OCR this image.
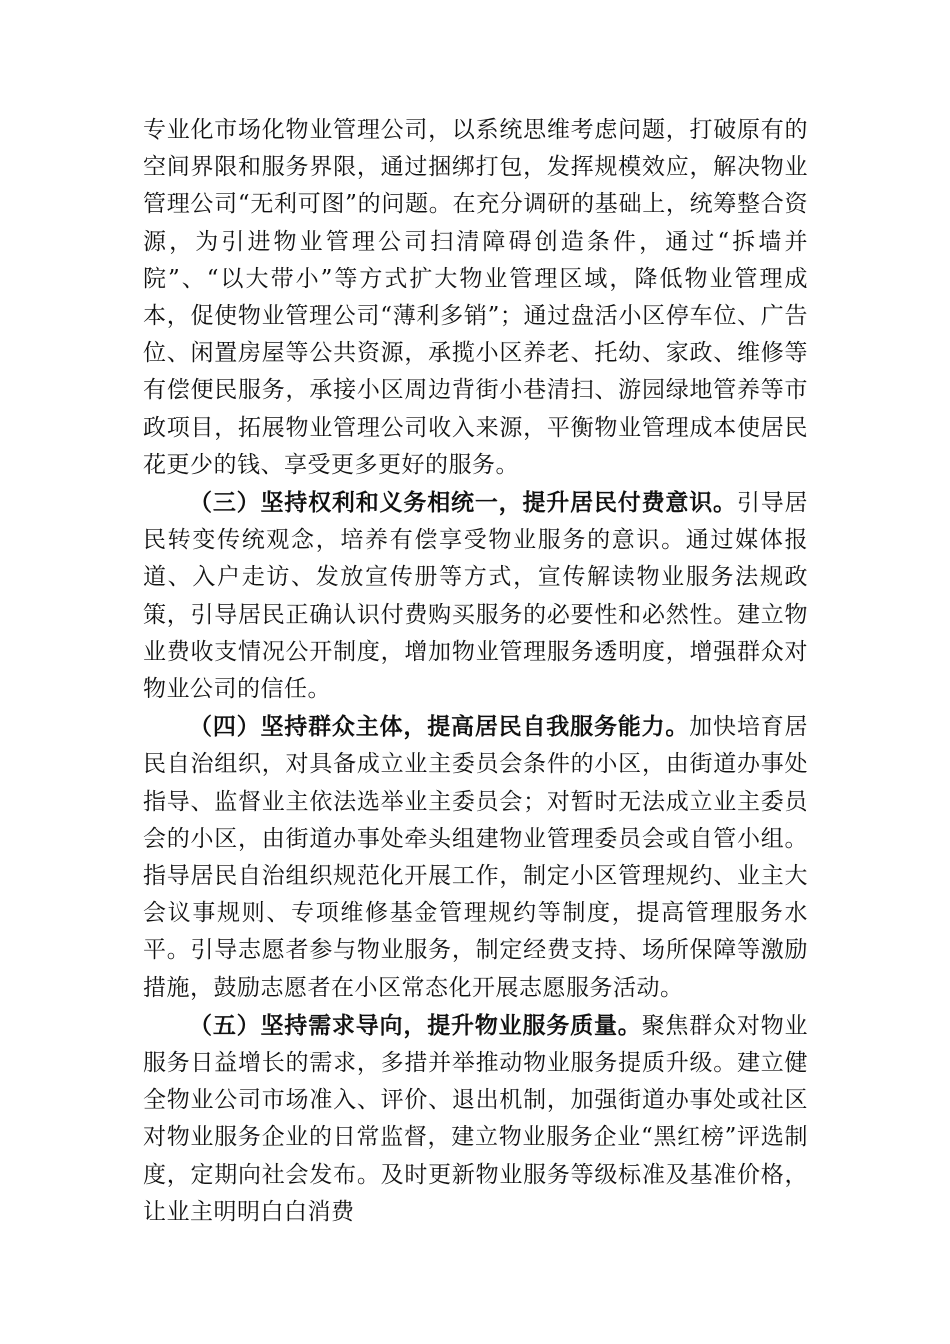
专业化市场化物业管理公司，以系统思维考虑问题，打破原有的空间界限和服务界限，通过捆绑打包，发挥规模效应，解决物业管理公司“无利可图”的问题。在充分调研的基础上，统筹整合资源，为引进物业管理公司扫清障碍创造条件，通过“拆墙并院”、“以大带小”等方式扩大物业管理区域，降低物业管理成本，促使物业管理公司“薄利多销”；通过盘活小区停车位、广告位、闲置房屋等公共资源，承揽小区养老、托幼、家政、维修等有偿便民服务，承接小区周边背街小巷清扫、游园绿地管养等市政项目，拓展物业管理公司收入来源，平衡物业管理成本使居民花更少的钱、享受更多更好的服务。

（三）坚持权利和义务相统一，提升居民付费意识。引导居民转变传统观念，培养有偿享受物业服务的意识。通过媒体报道、入户走访、发放宣传册等方式，宣传解读物业服务法规政策，引导居民正确认识付费购买服务的必要性和必然性。建立物业费收支情况公开制度，增加物业管理服务透明度，增强群众对物业公司的信任。

（四）坚持群众主体，提高居民自我服务能力。加快培育居民自治组织，对具备成立业主委员会条件的小区，由街道办事处指导、监督业主依法选举业主委员会；对暂时无法成立业主委员会的小区，由街道办事处牵头组建物业管理委员会或自管小组。指导居民自治组织规范化开展工作，制定小区管理规约、业主大会议事规则、专项维修基金管理规约等制度，提高管理服务水平。引导志愿者参与物业服务，制定经费支持、场所保障等激励措施，鼓励志愿者在小区常态化开展志愿服务活动。

（五）坚持需求导向，提升物业服务质量。聚焦群众对物业服务日益增长的需求，多措并举推动物业服务提质升级。建立健全物业公司市场准入、评价、退出机制，加强街道办事处或社区对物业服务企业的日常监督，建立物业服务企业“黑红榜”评选制度，定期向社会发布。及时更新物业服务等级标准及基准价格，让业主明明白白消费
